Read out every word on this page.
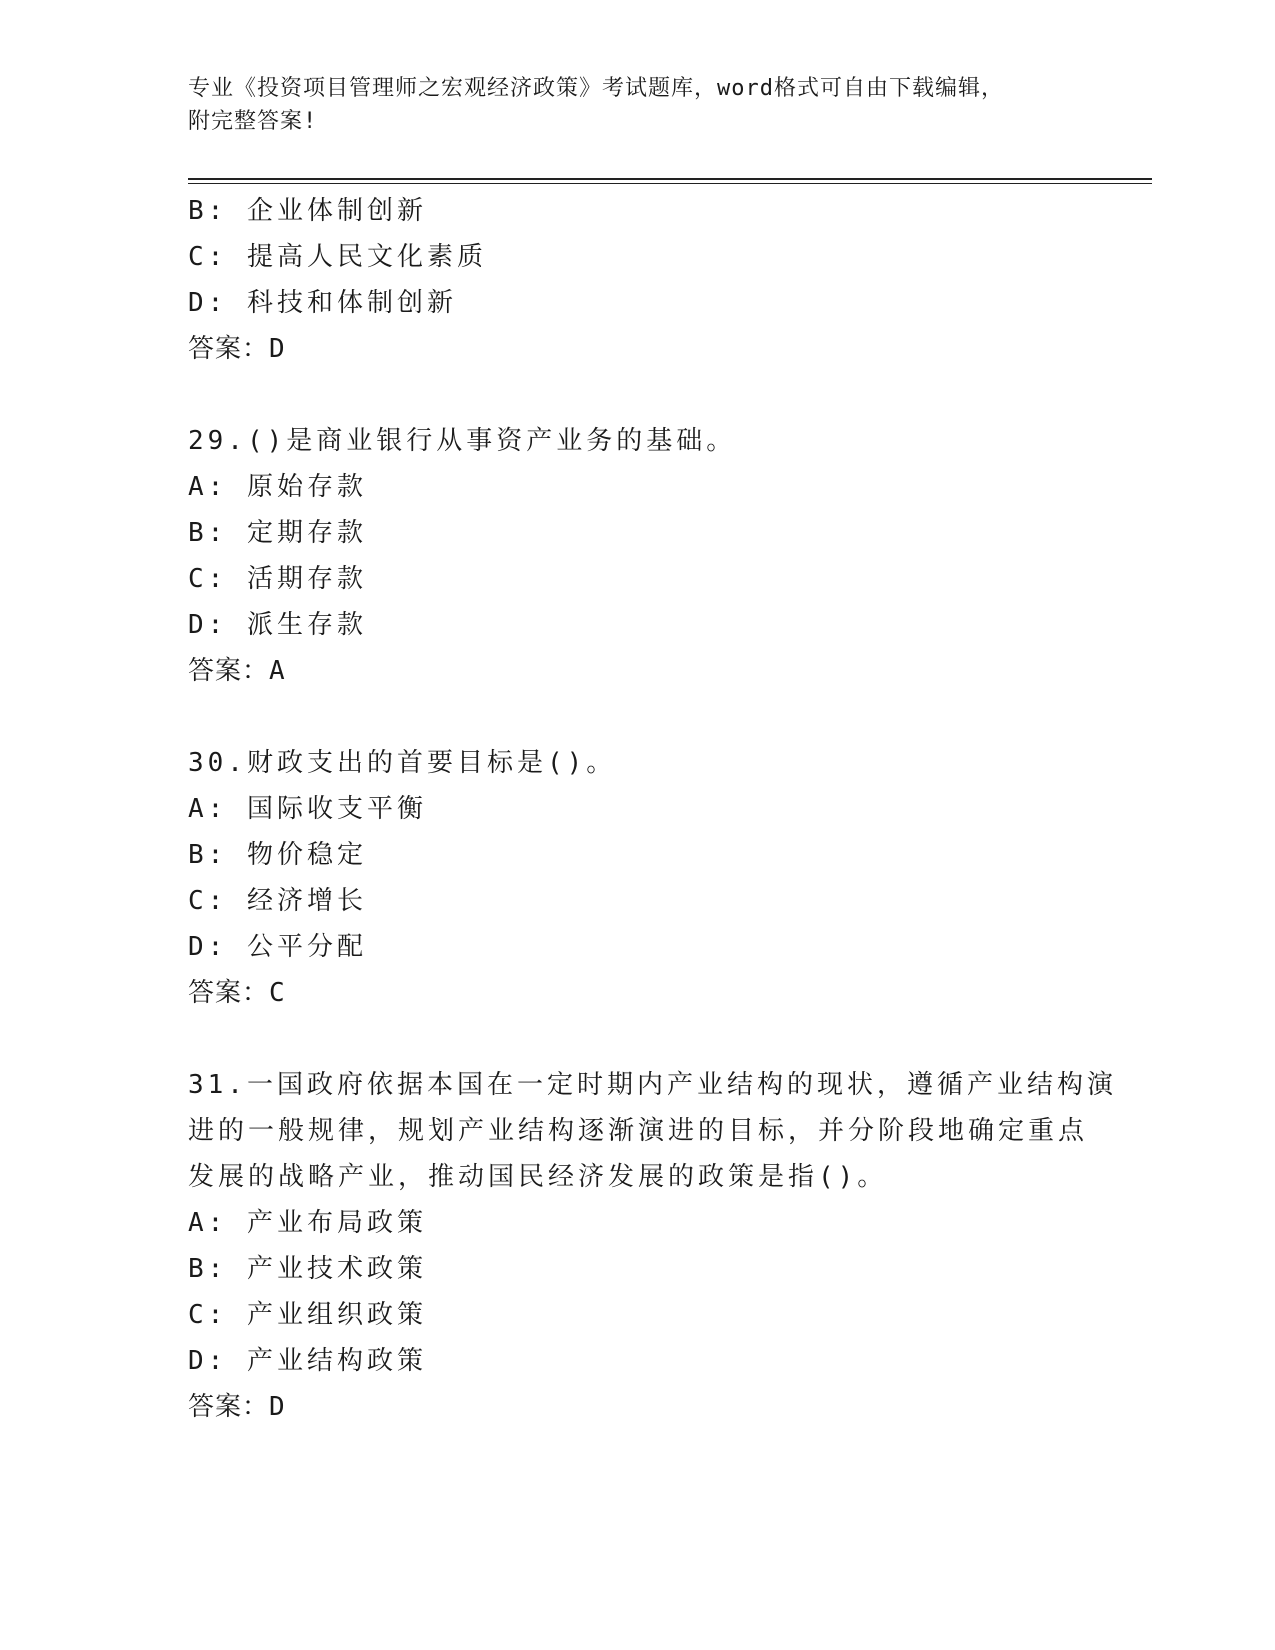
专业《投资项目管理师之宏观经济政策》考试题库，word格式可自由下载编辑，
附完整答案!
B: 企业体制创新
C: 提高人民文化素质
D: 科技和体制创新
答案：D
29.()是商业银行从事资产业务的基础。
A: 原始存款
B: 定期存款
C: 活期存款
D: 派生存款
答案：A
30.财政支出的首要目标是()。
A: 国际收支平衡
B: 物价稳定
C: 经济增长
D: 公平分配
答案：C
31.一国政府依据本国在一定时期内产业结构的现状，遵循产业结构演
进的一般规律，规划产业结构逐渐演进的目标，并分阶段地确定重点
发展的战略产业，推动国民经济发展的政策是指()。
A: 产业布局政策
B: 产业技术政策
C: 产业组织政策
D: 产业结构政策
答案：D
